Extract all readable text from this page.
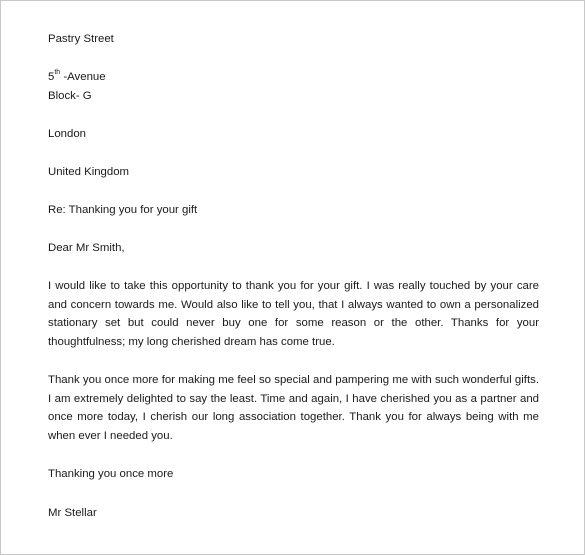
Pastry Street
5th -Avenue
Block- G
London
United Kingdom
Re: Thanking you for your gift
Dear Mr Smith,
I would like to take this opportunity to thank you for your gift. I was really touched by your care and concern towards me. Would also like to tell you, that I always wanted to own a personalized stationary set but could never buy one for some reason or the other. Thanks for your thoughtfulness; my long cherished dream has come true.
Thank you once more for making me feel so special and pampering me with such wonderful gifts. I am extremely delighted to say the least. Time and again, I have cherished you as a partner and once more today, I cherish our long association together. Thank you for always being with me when ever I needed you.
Thanking you once more
Mr Stellar
